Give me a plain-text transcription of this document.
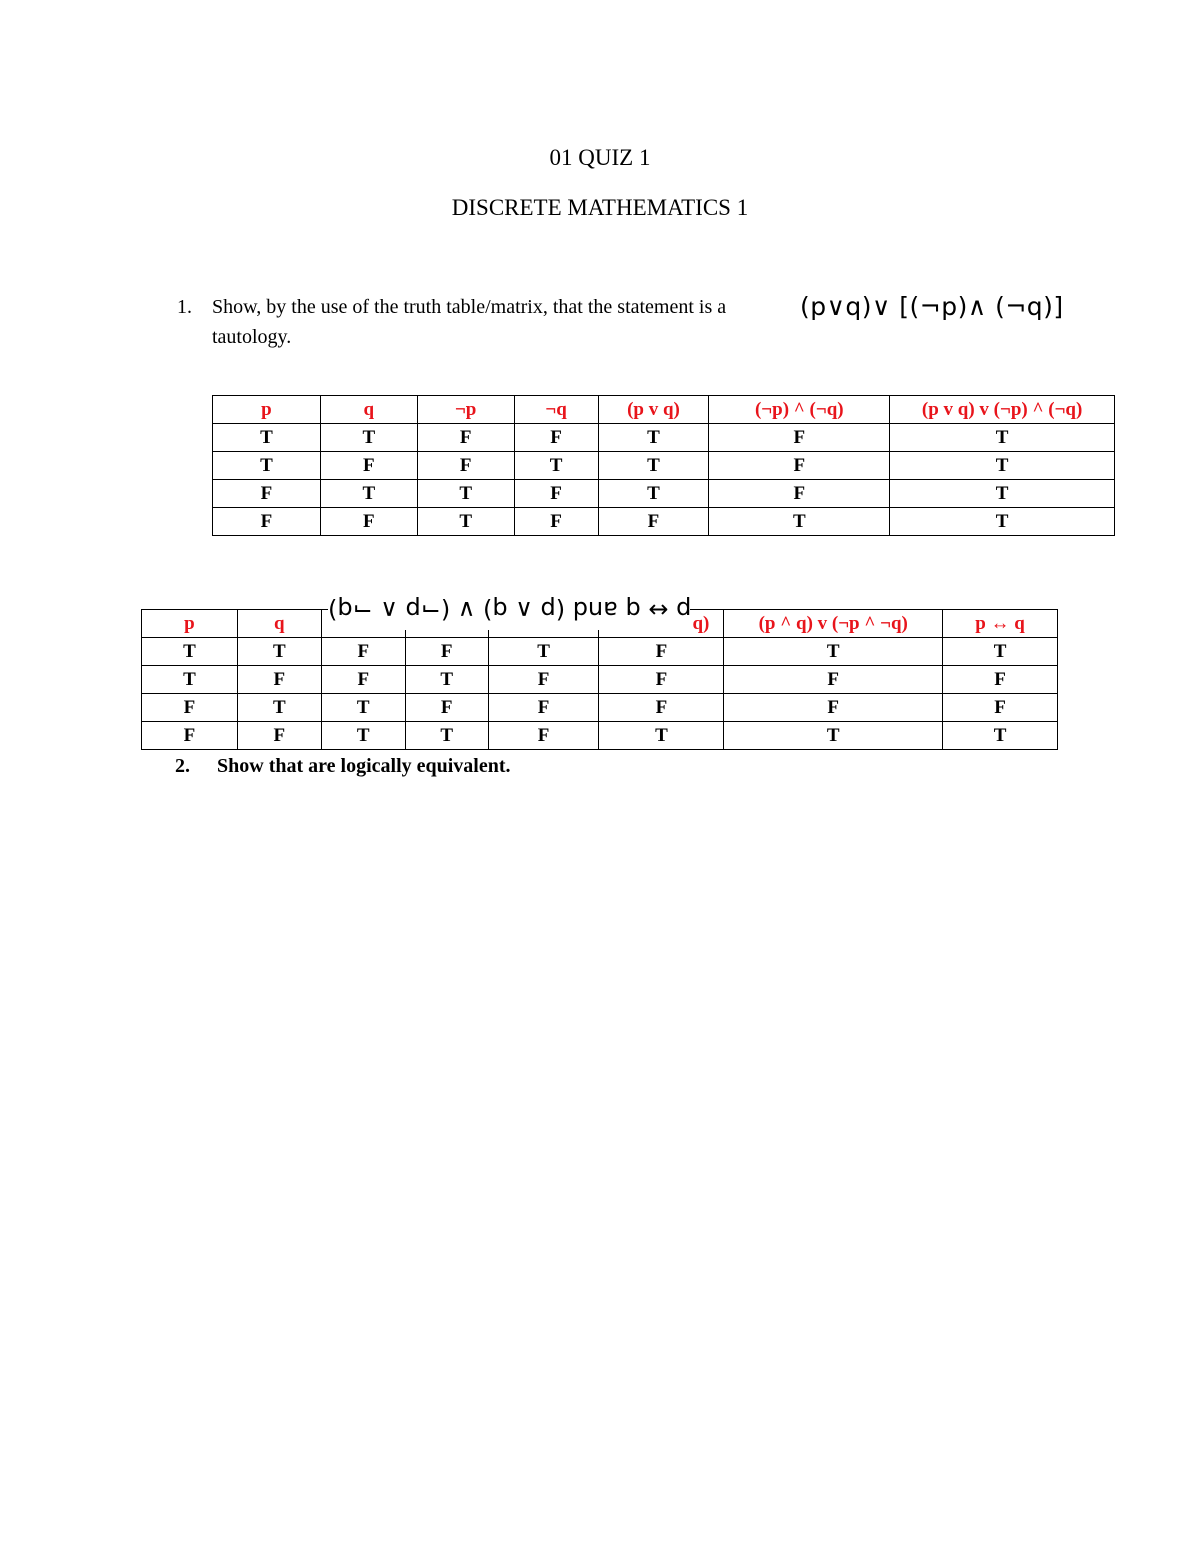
01 QUIZ 1
DISCRETE MATHEMATICS 1
1. Show, by the use of the truth table/matrix, that the statement is a tautology.
(p∨q)∨ [(¬p)∧ (¬q)]
p	q	¬p	¬q	(p v q)	(¬p) ^ (¬q)	(p v q) v (¬p) ^ (¬q)
T	T	F	F	T	F	T
T	F	F	T	T	F	T
F	T	T	F	T	F	T
F	F	T	F	F	T	T
p	q				q)	(p ^ q) v (¬p ^ ¬q)	p ↔ q
T	T	F	F	T	F	T	T
T	F	F	T	F	F	F	F
F	T	T	F	F	F	F	F
F	F	T	T	F	T	T	T
p ↔ q and (p ∧ q) ∨ (¬p ∧ ¬q)
2. Show that are logically equivalent.
